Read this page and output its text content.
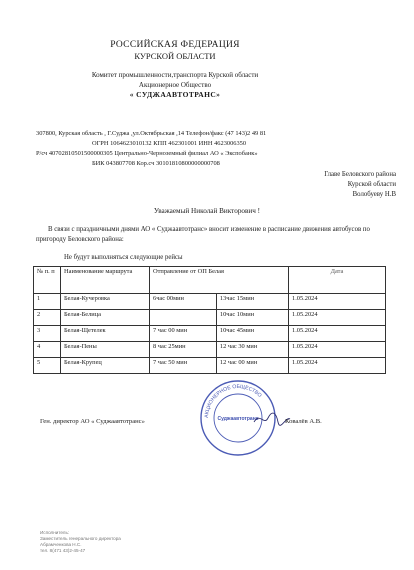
РОССИЙСКАЯ ФЕДЕРАЦИЯ
КУРСКОЙ ОБЛАСТИ
Комитет промышленности,транспорта Курской области
Акционерное Общество
« СУДЖААВТОТРАНС»
307800, Курская область , Г.Суджа ,ул.Октябрьская ,14 Телефон/факс (47 143)2 49 81
ОГРН 1064623010132 КПП 462301001 ИНН 4623006350
Р/сч 40702810501500000305 Центрально-Черноземный филиал АО « Экспобанк»
БИК 043807708 Кор.сч 30101810800000000708
Главе Беловского района
Курской области
Волобуеву Н.В
Уважаемый Николай Викторович !

В связи с праздничными днями АО « Суджаавтотранс» вносит изменение в расписание движения автобусов по пригороду Беловского района:

Не будут выполняться следующие рейсы
№ п. п	Наименование маршрута	Отправление от ОП Белая		Дата
1	Белая-Кучеровка	6час 00мин	13час 15мин	1.05.2024
2	Белая-Белица		10час 10мин	1.05.2024
3	Белая-Щетелек	7 час 00 мин	10час 45мин	1.05.2024
4	Белая-Пены	8 час 25мин	12 час 30 мин	1.05.2024
5	Белая-Крупец	7 час 50 мин	12 час 00 мин	1.05.2024
АКЦИОНЕРНОЕ ОБЩЕСТВО
Суджаавтотранс
Ген. директор АО « Суджаавтотранс»	Ковалёв А.В.
Исполнитель:
Заместитель генерального директора
Абрамченкова Н.С.
тел. 8(471 43)2-45-47
